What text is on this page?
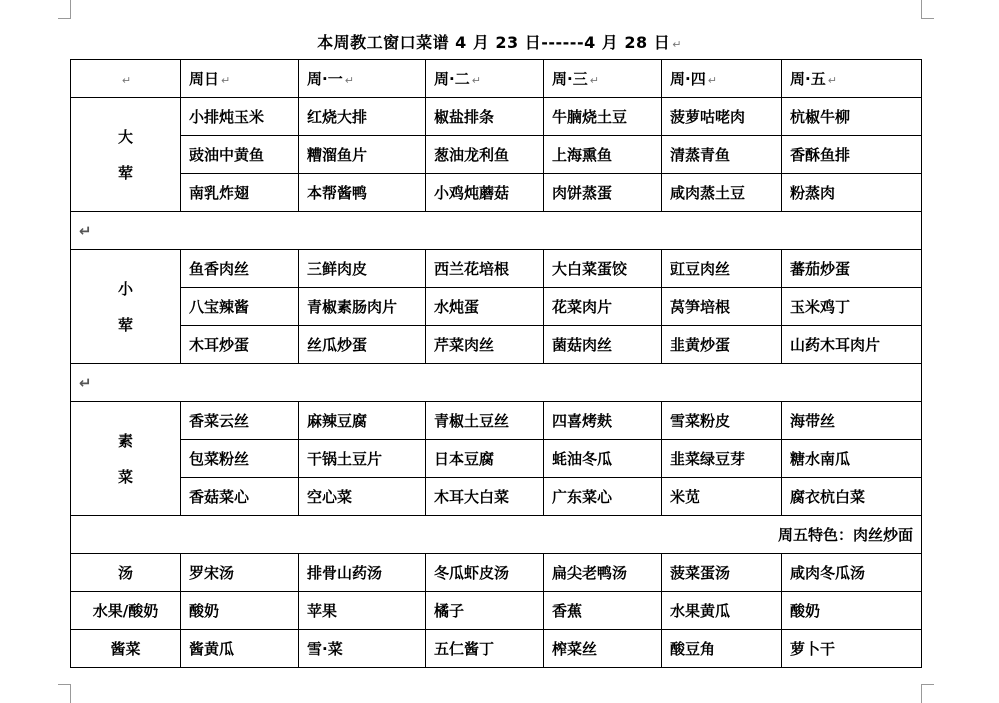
本周教工窗口菜谱 4 月 23 日------4 月 28 日 ↵
↵	周日 ↵	周·一 ↵	周·二 ↵	周·三 ↵	周·四 ↵	周·五 ↵

大
荤	小排炖玉米	红烧大排	椒盐排条	牛腩烧土豆	菠萝咕咾肉	杭椒牛柳
	豉油中黄鱼	糟溜鱼片	葱油龙利鱼	上海熏鱼	清蒸青鱼	香酥鱼排
	南乳炸翅	本帮酱鸭	小鸡炖蘑菇	肉饼蒸蛋	咸肉蒸土豆	粉蒸肉
↵						

小
荤	鱼香肉丝	三鲜肉皮	西兰花培根	大白菜蛋饺	豇豆肉丝	蕃茄炒蛋
	八宝辣酱	青椒素肠肉片	水炖蛋	花菜肉片	莴笋培根	玉米鸡丁
	木耳炒蛋	丝瓜炒蛋	芹菜肉丝	菌菇肉丝	韭黄炒蛋	山药木耳肉片
↵						

素
菜	香菜云丝	麻辣豆腐	青椒土豆丝	四喜烤麸	雪菜粉皮	海带丝
	包菜粉丝	干锅土豆片	日本豆腐	蚝油冬瓜	韭菜绿豆芽	糖水南瓜
	香菇菜心	空心菜	木耳大白菜	广东菜心	米苋	腐衣杭白菜
周五特色：肉丝炒面						
汤	罗宋汤	排骨山药汤	冬瓜虾皮汤	扁尖老鸭汤	菠菜蛋汤	咸肉冬瓜汤
水果/酸奶	酸奶	苹果	橘子	香蕉	水果黄瓜	酸奶
酱菜	酱黄瓜	雪·菜	五仁酱丁	榨菜丝	酸豆角	萝卜干
